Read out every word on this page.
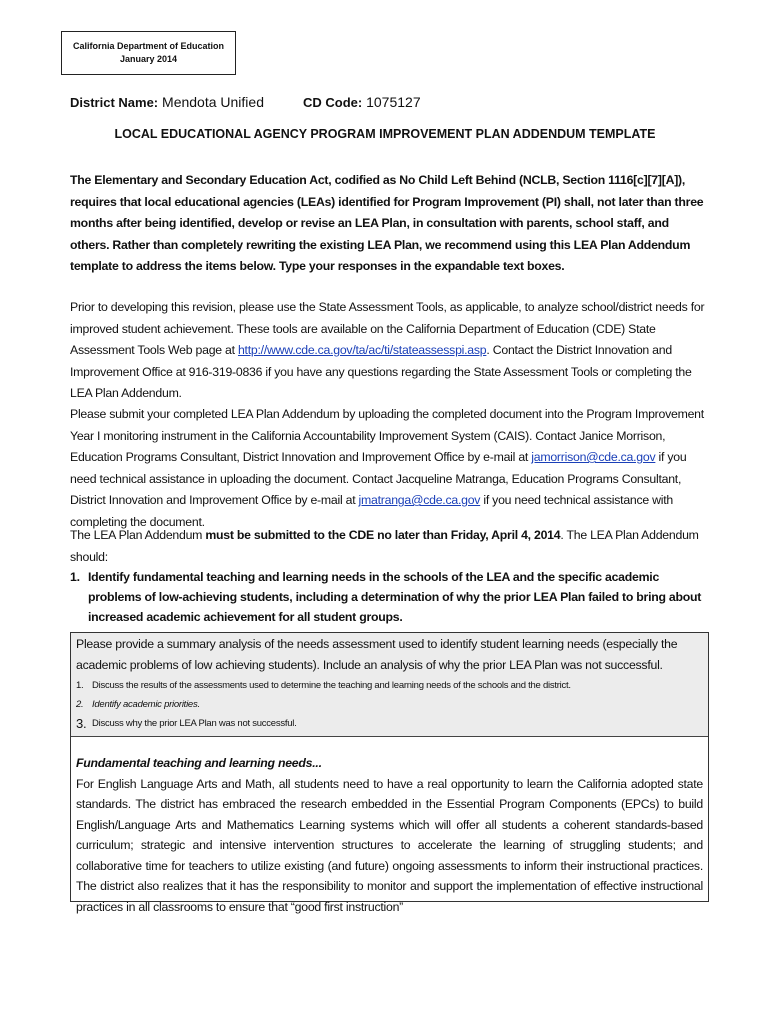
California Department of Education
January 2014
District Name: Mendota Unified	CD Code: 1075127
LOCAL EDUCATIONAL AGENCY PROGRAM IMPROVEMENT PLAN ADDENDUM TEMPLATE
The Elementary and Secondary Education Act, codified as No Child Left Behind (NCLB, Section 1116[c][7][A]), requires that local educational agencies (LEAs) identified for Program Improvement (PI) shall, not later than three months after being identified, develop or revise an LEA Plan, in consultation with parents, school staff, and others. Rather than completely rewriting the existing LEA Plan, we recommend using this LEA Plan Addendum template to address the items below. Type your responses in the expandable text boxes.
Prior to developing this revision, please use the State Assessment Tools, as applicable, to analyze school/district needs for improved student achievement. These tools are available on the California Department of Education (CDE) State Assessment Tools Web page at http://www.cde.ca.gov/ta/ac/ti/stateassesspi.asp. Contact the District Innovation and Improvement Office at 916-319-0836 if you have any questions regarding the State Assessment Tools or completing the LEA Plan Addendum.
Please submit your completed LEA Plan Addendum by uploading the completed document into the Program Improvement Year I monitoring instrument in the California Accountability Improvement System (CAIS). Contact Janice Morrison, Education Programs Consultant, District Innovation and Improvement Office by e-mail at jamorrison@cde.ca.gov if you need technical assistance in uploading the document. Contact Jacqueline Matranga, Education Programs Consultant, District Innovation and Improvement Office by e-mail at jmatranga@cde.ca.gov if you need technical assistance with completing the document.
The LEA Plan Addendum must be submitted to the CDE no later than Friday, April 4, 2014. The LEA Plan Addendum should:
1. Identify fundamental teaching and learning needs in the schools of the LEA and the specific academic problems of low-achieving students, including a determination of why the prior LEA Plan failed to bring about increased academic achievement for all student groups.
Please provide a summary analysis of the needs assessment used to identify student learning needs (especially the academic problems of low achieving students). Include an analysis of why the prior LEA Plan was not successful.
1. Discuss the results of the assessments used to determine the teaching and learning needs of the schools and the district.
2. Identify academic priorities.
3. Discuss why the prior LEA Plan was not successful.
Fundamental teaching and learning needs...
For English Language Arts and Math, all students need to have a real opportunity to learn the California adopted state standards. The district has embraced the research embedded in the Essential Program Components (EPCs) to build English/Language Arts and Mathematics Learning systems which will offer all students a coherent standards-based curriculum; strategic and intensive intervention structures to accelerate the learning of struggling students; and collaborative time for teachers to utilize existing (and future) ongoing assessments to inform their instructional practices. The district also realizes that it has the responsibility to monitor and support the implementation of effective instructional practices in all classrooms to ensure that “good first instruction”
